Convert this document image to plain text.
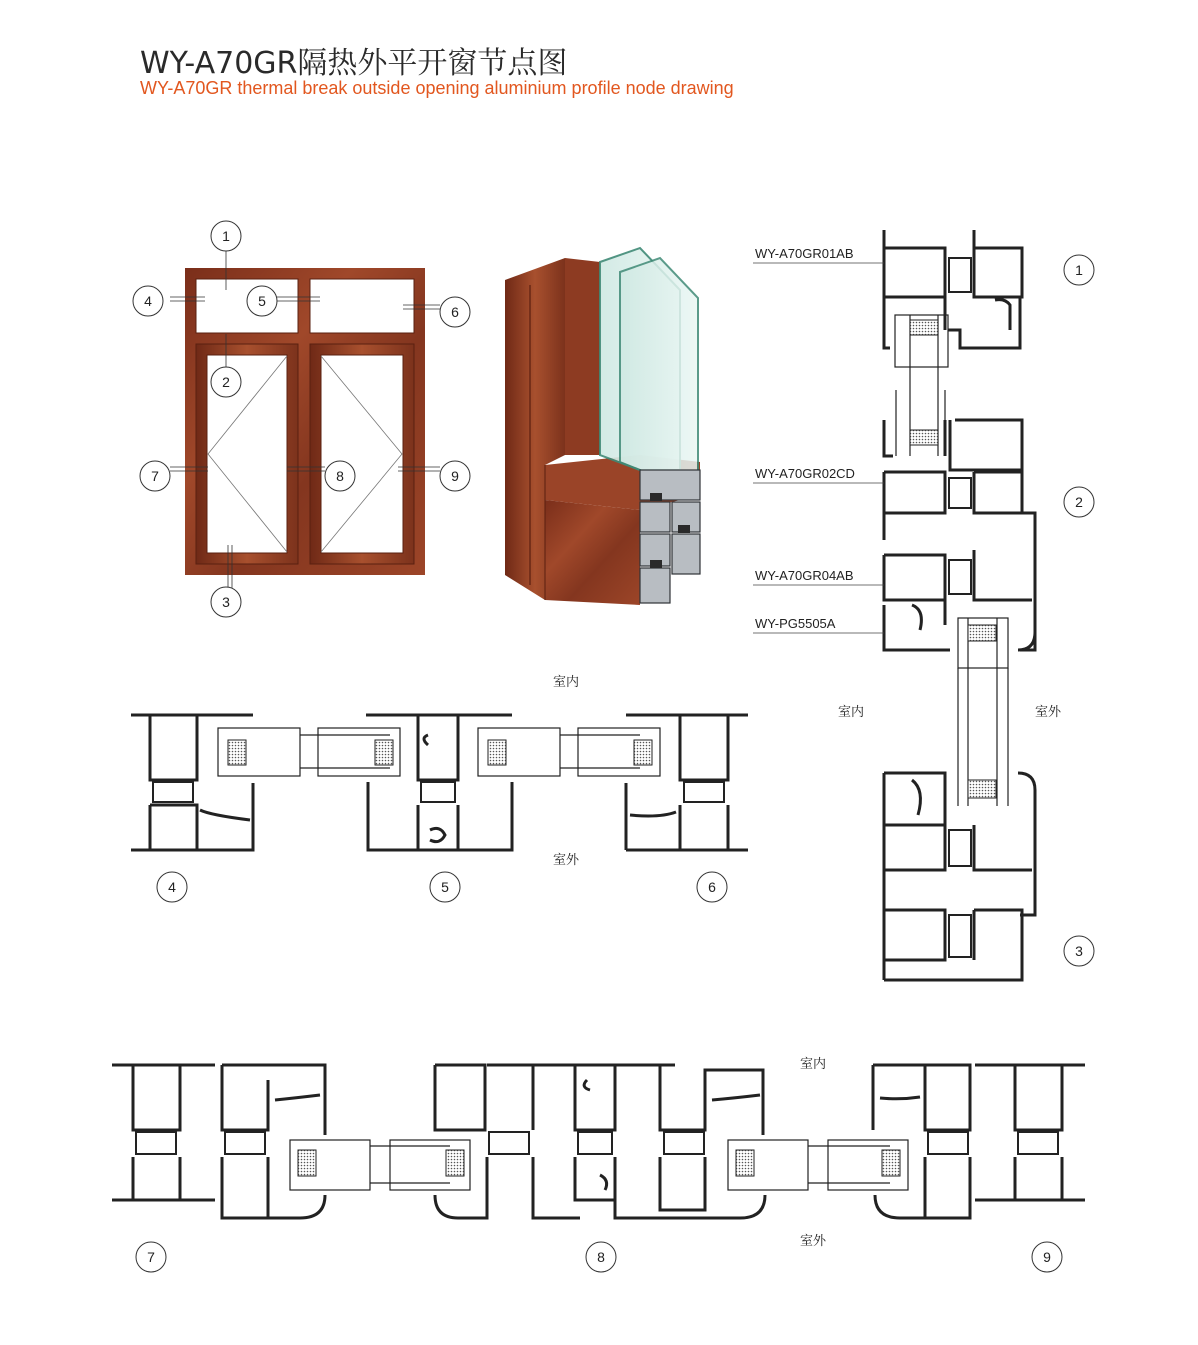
WY-A70GR隔热外平开窗节点图
WY-A70GR thermal break outside opening aluminium profile node drawing
1
4	5
6
2
7	8	9
3
1
2
3
4	5	6
7	8	9
WY-A70GR01AB
WY-A70GR02CD
WY-A70GR04AB
WY-PG5505A
室内	室外
室内
室外
室内
室外
